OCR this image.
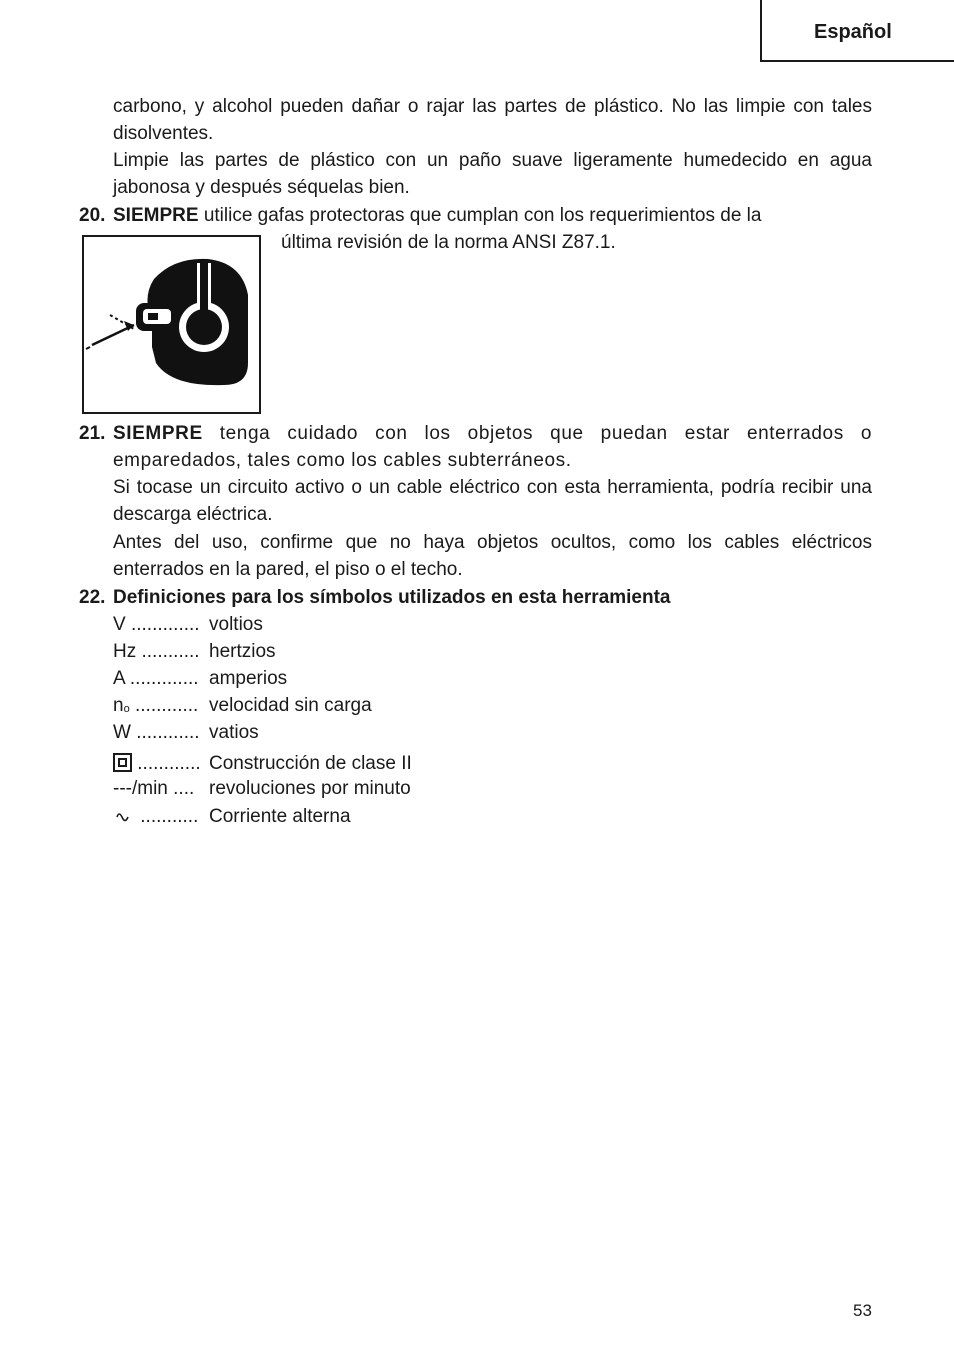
Español
carbono, y alcohol pueden dañar o rajar las partes de plástico. No las limpie con tales disolventes.
Limpie las partes de plástico con un paño suave ligeramente humedecido en agua jabonosa y después séquelas bien.
20. SIEMPRE utilice gafas protectoras que cumplan con los requerimientos de la
última revisión de la norma ANSI Z87.1.
21. SIEMPRE tenga cuidado con los objetos que puedan estar enterrados o emparedados, tales como los cables subterráneos.
Si tocase un circuito activo o un cable eléctrico con esta herramienta, podría recibir una descarga eléctrica.
Antes del uso, confirme que no haya objetos ocultos, como los cables eléctricos enterrados en la pared, el piso o el techo.
22. Definiciones para los símbolos utilizados en esta herramienta
V ............. voltios
Hz ........... hertzios
A ............. amperios
$n_o$ ............ velocidad sin carga
W ............ vatios
............ Construcción de clase II
---/min .... revoluciones por minuto
........... Corriente alterna
53
